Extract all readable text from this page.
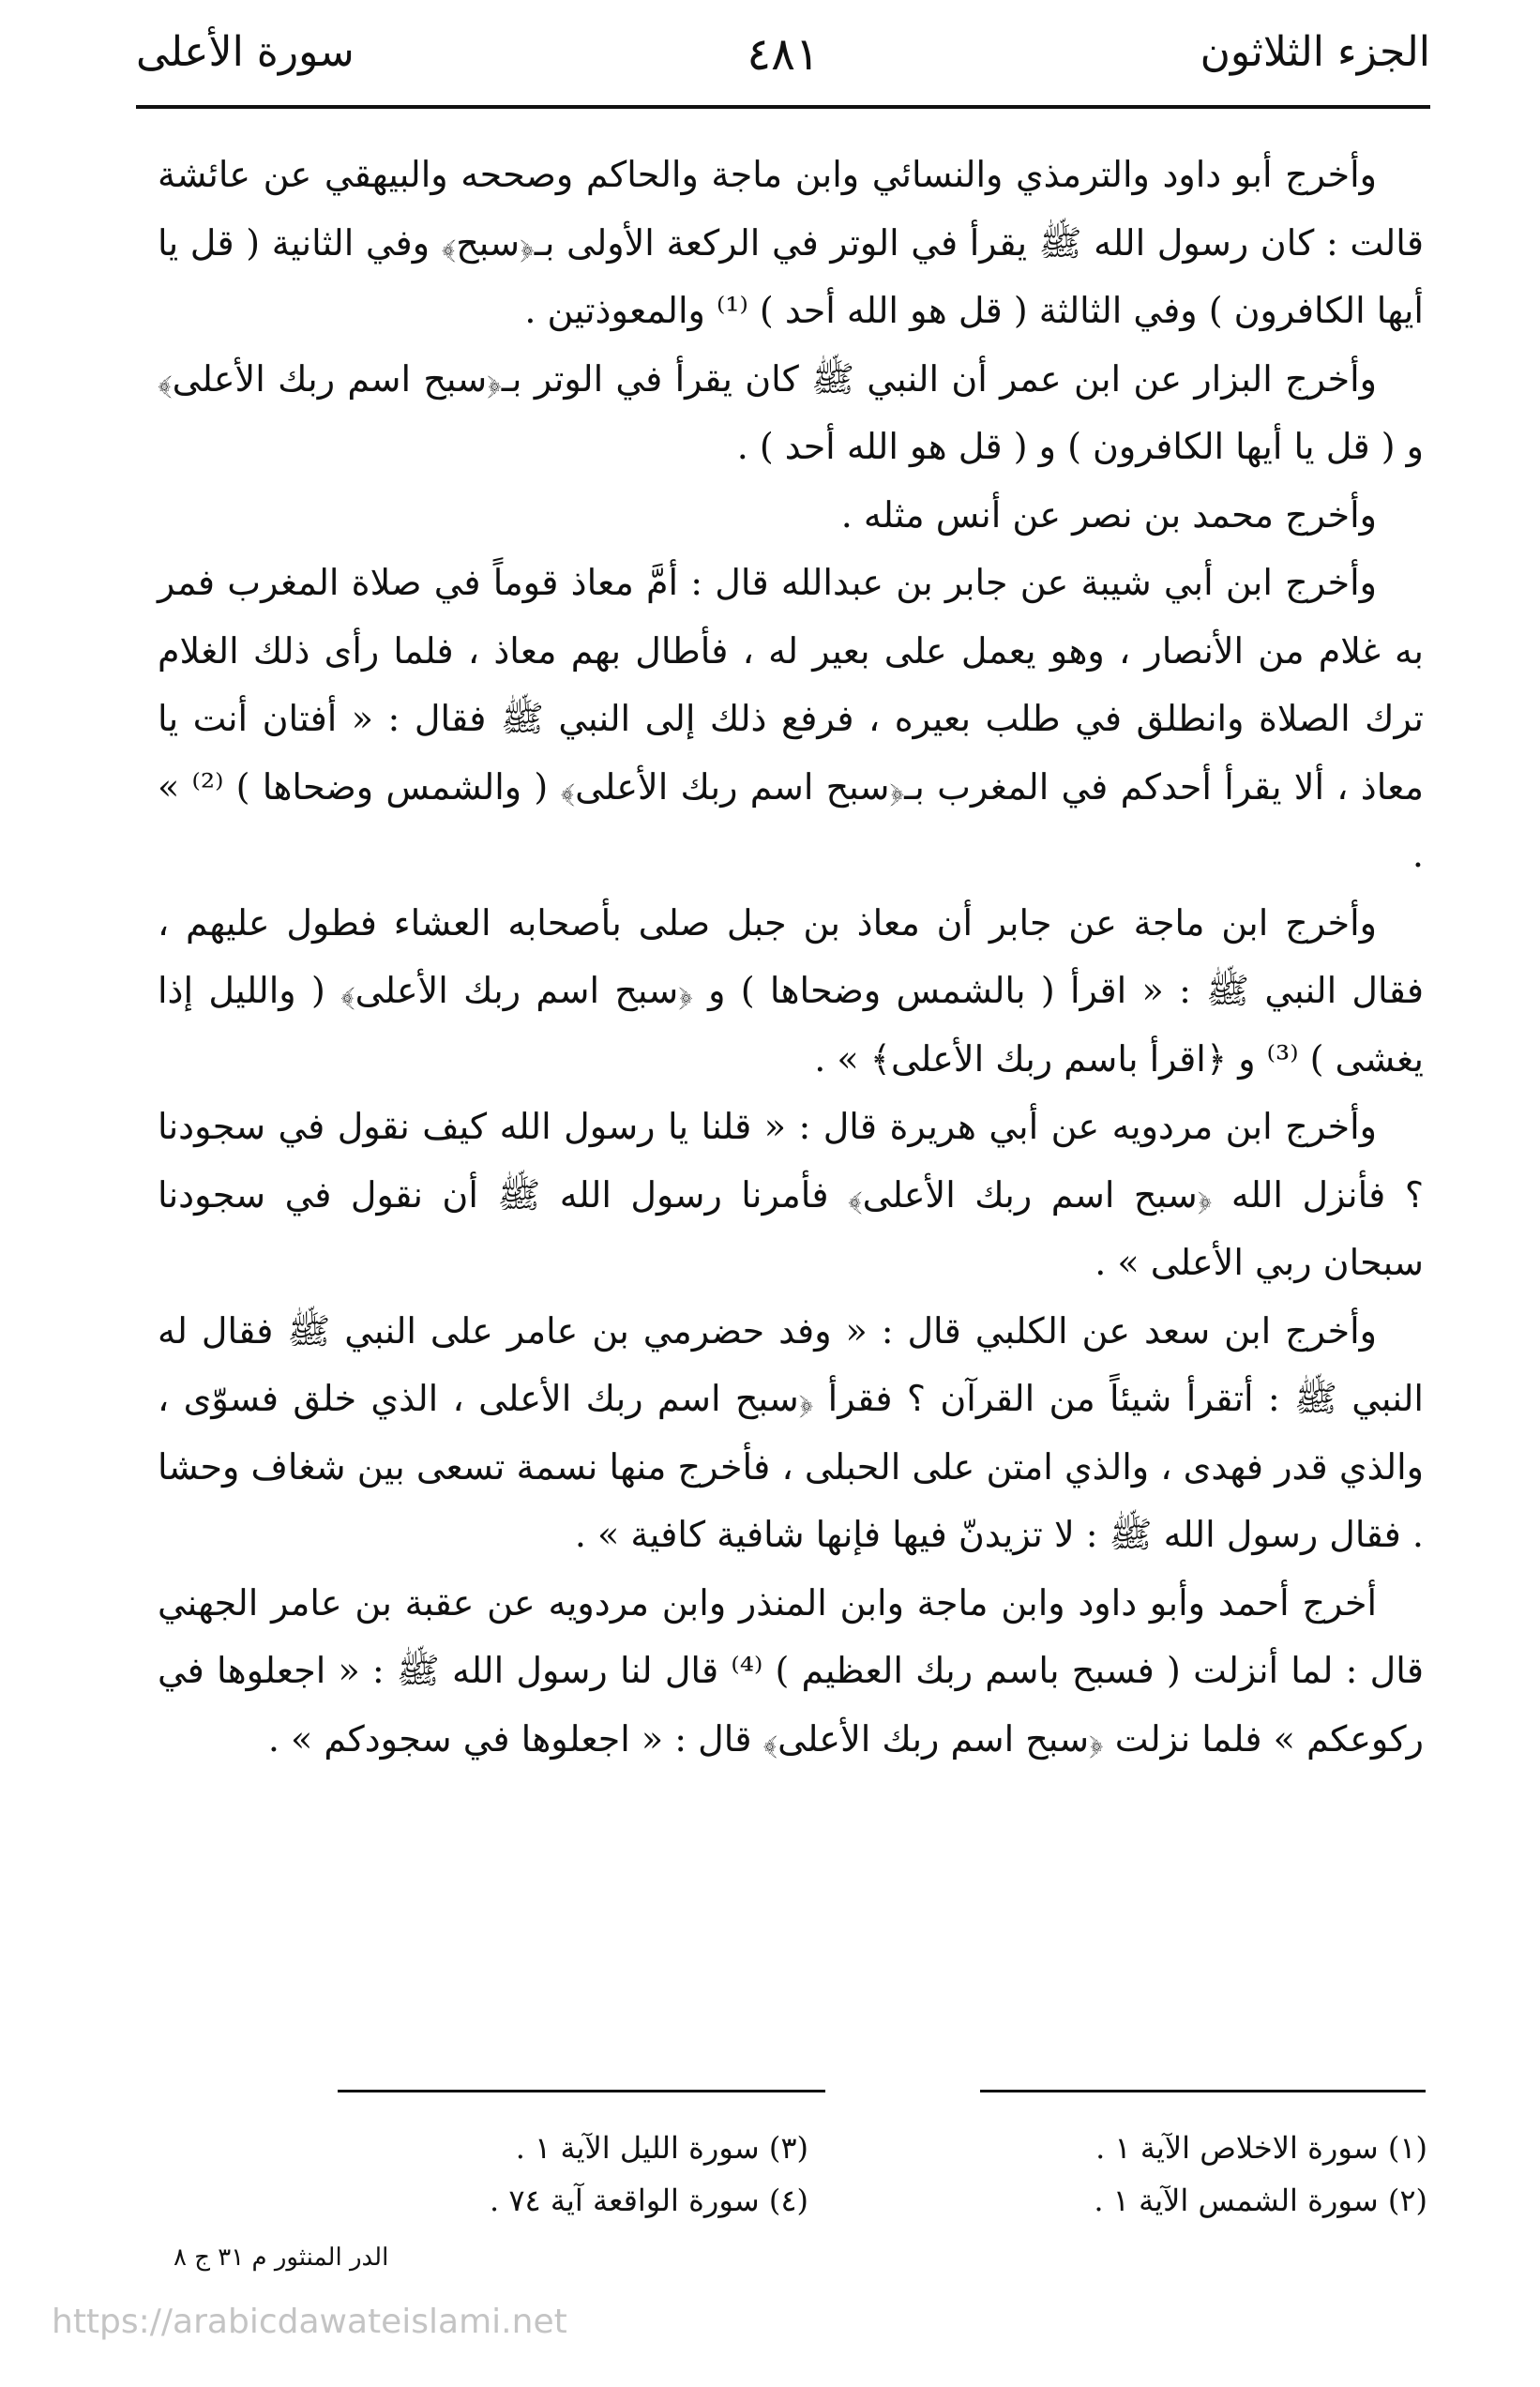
الجزء الثلاثون
٤٨١
سورة الأعلى

وأخرج أبو داود والترمذي والنسائي وابن ماجة والحاكم وصححه والبيهقي عن عائشة قالت : كان رسول الله ﷺ يقرأ في الوتر في الركعة الأولى بـ﴿سبح﴾ وفي الثانية ( قل يا أيها الكافرون ) وفي الثالثة ( قل هو الله أحد ) ⁽¹⁾ والمعوذتين .

وأخرج البزار عن ابن عمر أن النبي ﷺ كان يقرأ في الوتر بـ﴿سبح اسم ربك الأعلى﴾ و ( قل يا أيها الكافرون ) و ( قل هو الله أحد ) .

وأخرج محمد بن نصر عن أنس مثله .

وأخرج ابن أبي شيبة عن جابر بن عبدالله قال : أمَّ معاذ قوماً في صلاة المغرب فمر به غلام من الأنصار ، وهو يعمل على بعير له ، فأطال بهم معاذ ، فلما رأى ذلك الغلام ترك الصلاة وانطلق في طلب بعيره ، فرفع ذلك إلى النبي ﷺ فقال : « أفتان أنت يا معاذ ، ألا يقرأ أحدكم في المغرب بـ﴿سبح اسم ربك الأعلى﴾ ( والشمس وضحاها ) ⁽²⁾ » .

وأخرج ابن ماجة عن جابر أن معاذ بن جبل صلى بأصحابه العشاء فطول عليهم ، فقال النبي ﷺ : « اقرأ ( بالشمس وضحاها ) و ﴿سبح اسم ربك الأعلى﴾ ( والليل إذا يغشى ) ⁽³⁾ و ﴿اقرأ باسم ربك الأعلى﴾ » .

وأخرج ابن مردويه عن أبي هريرة قال : « قلنا يا رسول الله كيف نقول في سجودنا ؟ فأنزل الله ﴿سبح اسم ربك الأعلى﴾ فأمرنا رسول الله ﷺ أن نقول في سجودنا سبحان ربي الأعلى » .

وأخرج ابن سعد عن الكلبي قال : « وفد حضرمي بن عامر على النبي ﷺ فقال له النبي ﷺ : أتقرأ شيئاً من القرآن ؟ فقرأ ﴿سبح اسم ربك الأعلى ، الذي خلق فسوّى ، والذي قدر فهدى ، والذي امتن على الحبلى ، فأخرج منها نسمة تسعى بين شغاف وحشا . فقال رسول الله ﷺ : لا تزيدنّ فيها فإنها شافية كافية » .

أخرج أحمد وأبو داود وابن ماجة وابن المنذر وابن مردويه عن عقبة بن عامر الجهني قال : لما أنزلت ( فسبح باسم ربك العظيم ) ⁽⁴⁾ قال لنا رسول الله ﷺ : « اجعلوها في ركوعكم » فلما نزلت ﴿سبح اسم ربك الأعلى﴾ قال : « اجعلوها في سجودكم » .

(١) سورة الاخلاص الآية ١ .
(٢) سورة الشمس الآية ١ .
(٣) سورة الليل الآية ١ .
(٤) سورة الواقعة آية ٧٤ .
الدر المنثور م ٣١ ج ٨
https://arabicdawateislami.net
